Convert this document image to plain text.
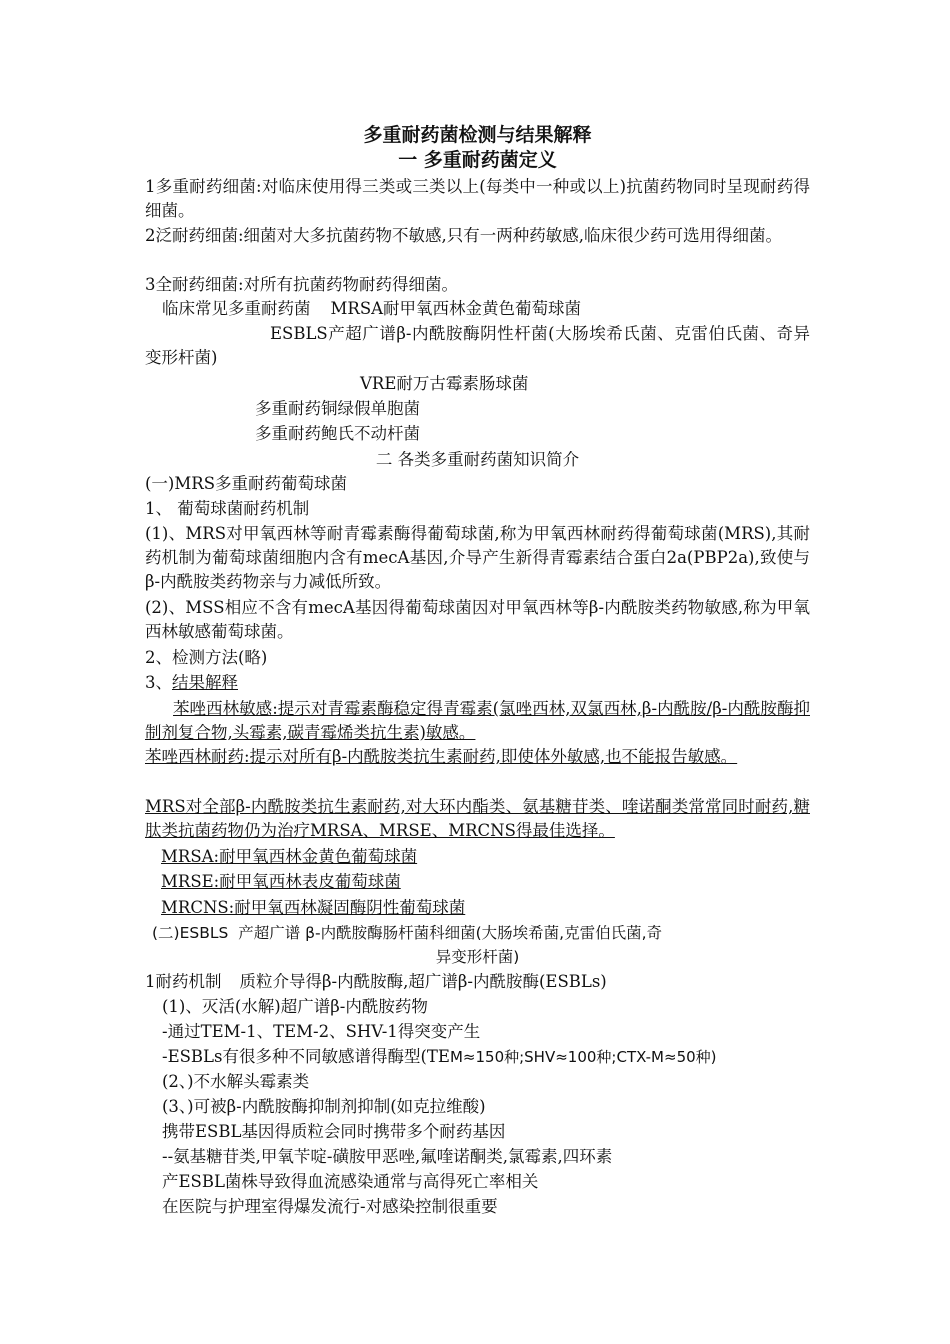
多重耐药菌检测与结果解释
一 多重耐药菌定义
1多重耐药细菌:对临床使用得三类或三类以上(每类中一种或以上)抗菌药物同时呈现耐药得细菌。
2泛耐药细菌:细菌对大多抗菌药物不敏感,只有一两种药敏感,临床很少药可选用得细菌。
3全耐药细菌:对所有抗菌药物耐药得细菌。
临床常见多重耐药菌 MRSA耐甲氧西林金黄色葡萄球菌
ESBLS产超广谱β-内酰胺酶阴性杆菌(大肠埃希氏菌、克雷伯氏菌、奇异变形杆菌)
VRE耐万古霉素肠球菌
多重耐药铜绿假单胞菌
多重耐药鲍氏不动杆菌
二 各类多重耐药菌知识简介
(一)MRS多重耐药葡萄球菌
1、 葡萄球菌耐药机制
(1)、MRS对甲氧西林等耐青霉素酶得葡萄球菌,称为甲氧西林耐药得葡萄球菌(MRS),其耐药机制为葡萄球菌细胞内含有mecA基因,介导产生新得青霉素结合蛋白2a(PBP2a),致使与β-内酰胺类药物亲与力减低所致。
(2)、MSS相应不含有mecA基因得葡萄球菌因对甲氧西林等β-内酰胺类药物敏感,称为甲氧西林敏感葡萄球菌。
2、检测方法(略)
3、结果解释
苯唑西林敏感:提示对青霉素酶稳定得青霉素(氯唑西林,双氯西林,β-内酰胺/β-内酰胺酶抑制剂复合物,头霉素,碳青霉烯类抗生素)敏感。
苯唑西林耐药:提示对所有β-内酰胺类抗生素耐药,即使体外敏感,也不能报告敏感。
MRS对全部β-内酰胺类抗生素耐药,对大环内酯类、氨基糖苷类、喹诺酮类常常同时耐药,糖肽类抗菌药物仍为治疗MRSA、MRSE、MRCNS得最佳选择。
MRSA:耐甲氧西林金黄色葡萄球菌
MRSE:耐甲氧西林表皮葡萄球菌
MRCNS:耐甲氧西林凝固酶阴性葡萄球菌
(二)ESBLS  产超广谱 β-内酰胺酶肠杆菌科细菌(大肠埃希菌,克雷伯氏菌,奇
异变形杆菌)
1耐药机制 质粒介导得β-内酰胺酶,超广谱β-内酰胺酶(ESBLs)
(1)、灭活(水解)超广谱β-内酰胺药物
-通过TEM-1、TEM-2、SHV-1得突变产生
-ESBLs有很多种不同敏感谱得酶型(TEM≈150种;SHV≈100种;CTX-M≈50种)
(2、)不水解头霉素类
(3、)可被β-内酰胺酶抑制剂抑制(如克拉维酸)
携带ESBL基因得质粒会同时携带多个耐药基因
--氨基糖苷类,甲氧苄啶-磺胺甲恶唑,氟喹诺酮类,氯霉素,四环素
产ESBL菌株导致得血流感染通常与高得死亡率相关
在医院与护理室得爆发流行-对感染控制很重要
